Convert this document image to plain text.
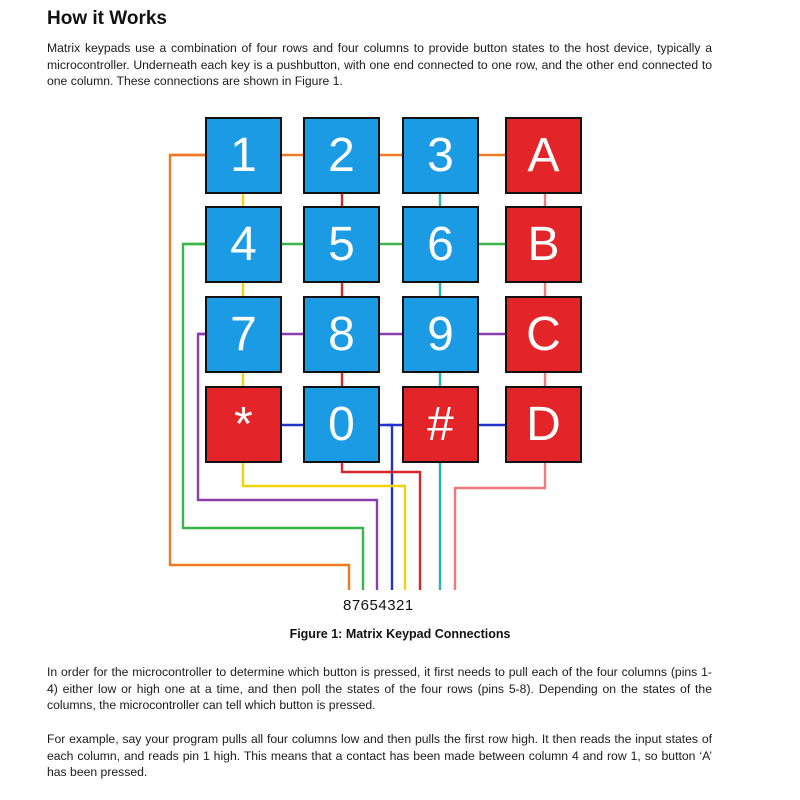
How it Works

Matrix keypads use a combination of four rows and four columns to provide button states to the host device, typically a microcontroller. Underneath each key is a pushbutton, with one end connected to one row, and the other end connected to one column. These connections are shown in Figure 1.

1	2	3	A
4	5	6	B
7	8	9	C
*	0	#	D
87654321
Figure 1: Matrix Keypad Connections

In order for the microcontroller to determine which button is pressed, it first needs to pull each of the four columns (pins 1-4) either low or high one at a time, and then poll the states of the four rows (pins 5-8). Depending on the states of the columns, the microcontroller can tell which button is pressed.

For example, say your program pulls all four columns low and then pulls the first row high. It then reads the input states of each column, and reads pin 1 high. This means that a contact has been made between column 4 and row 1, so button ‘A’ has been pressed.
